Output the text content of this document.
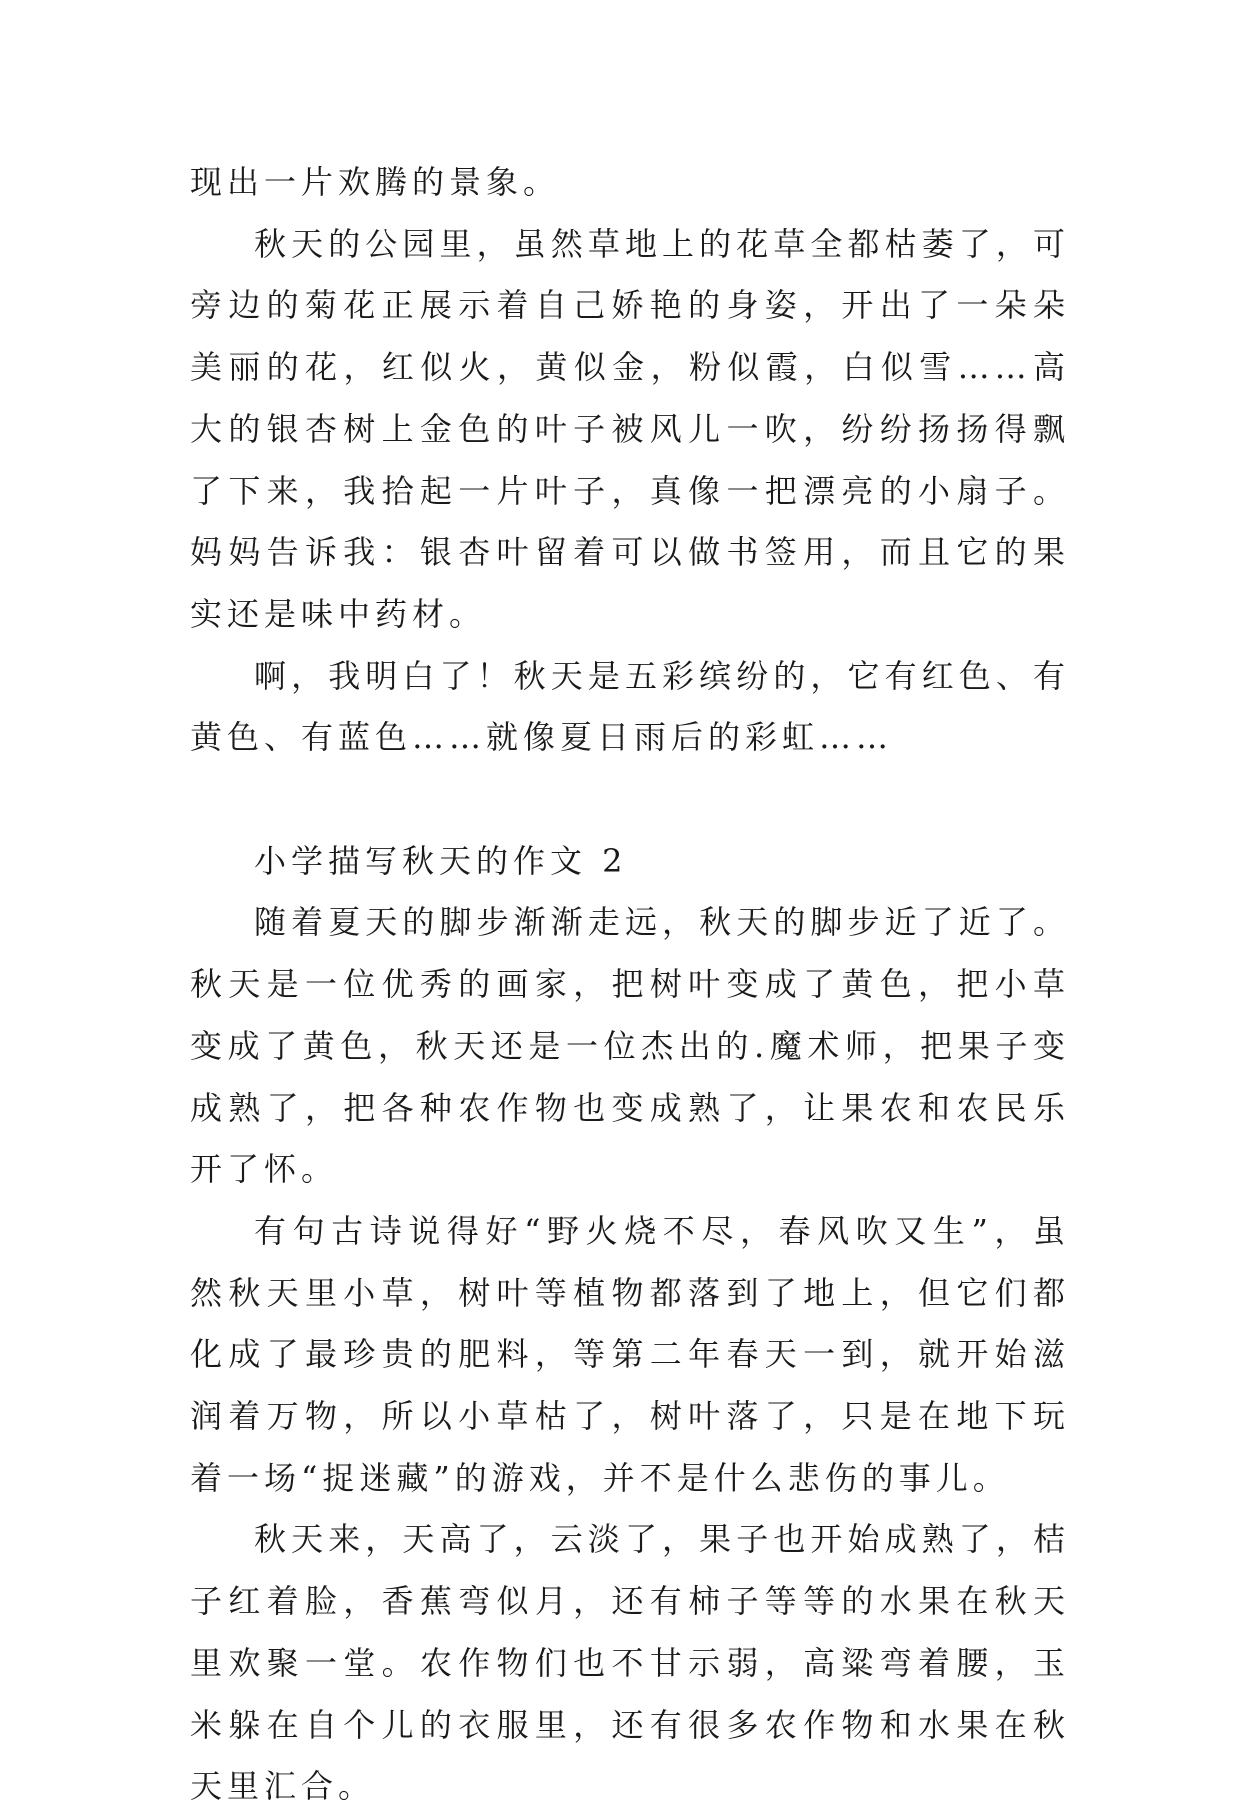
现出一片欢腾的景象。

秋天的公园里，虽然草地上的花草全都枯萎了，可旁边的菊花正展示着自己娇艳的身姿，开出了一朵朵美丽的花，红似火，黄似金，粉似霞，白似雪……高大的银杏树上金色的叶子被风儿一吹，纷纷扬扬得飘了下来，我拾起一片叶子，真像一把漂亮的小扇子。妈妈告诉我：银杏叶留着可以做书签用，而且它的果实还是味中药材。

啊，我明白了！秋天是五彩缤纷的，它有红色、有黄色、有蓝色……就像夏日雨后的彩虹……

小学描写秋天的作文 2

随着夏天的脚步渐渐走远，秋天的脚步近了近了。秋天是一位优秀的画家，把树叶变成了黄色，把小草变成了黄色，秋天还是一位杰出的.魔术师，把果子变成熟了，把各种农作物也变成熟了，让果农和农民乐开了怀。

有句古诗说得好“野火烧不尽，春风吹又生”，虽然秋天里小草，树叶等植物都落到了地上，但它们都化成了最珍贵的肥料，等第二年春天一到，就开始滋润着万物，所以小草枯了，树叶落了，只是在地下玩着一场“捉迷藏”的游戏，并不是什么悲伤的事儿。

秋天来，天高了，云淡了，果子也开始成熟了，桔子红着脸，香蕉弯似月，还有柿子等等的水果在秋天里欢聚一堂。农作物们也不甘示弱，高粱弯着腰，玉米躲在自个儿的衣服里，还有很多农作物和水果在秋天里汇合。
